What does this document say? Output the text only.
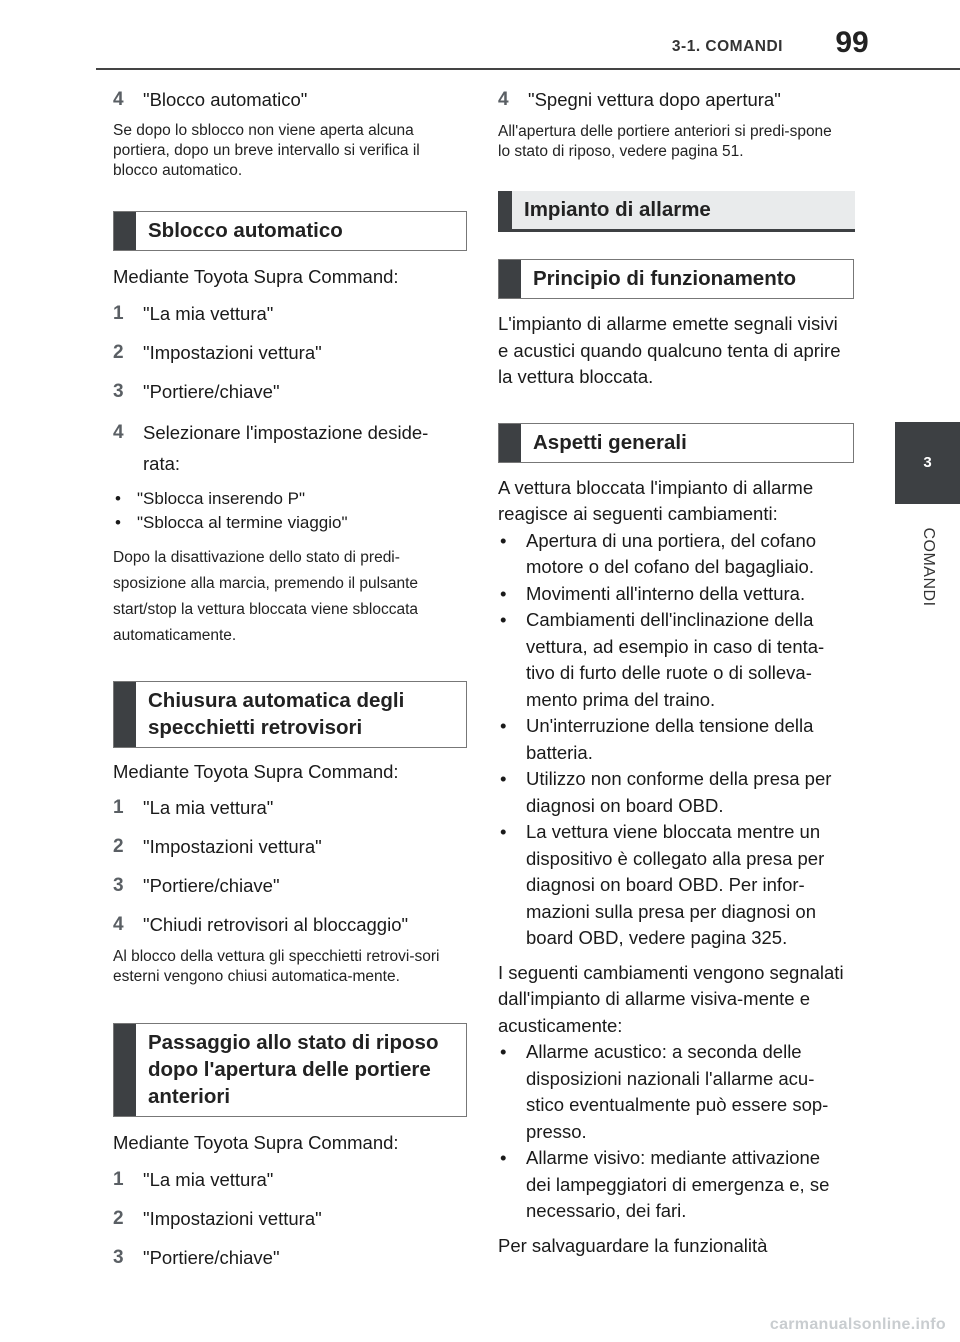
3-1. COMANDI	99
3
COMANDI
4	"Blocco automatico"
Se dopo lo sblocco non viene aperta alcuna portiera, dopo un breve intervallo si verifica il blocco automatico.
Sblocco automatico
Mediante Toyota Supra Command:
1	"La mia vettura"
2	"Impostazioni vettura"
3	"Portiere/chiave"
4	Selezionare l'impostazione deside-rata:
• "Sblocca inserendo P"
• "Sblocca al termine viaggio"
Dopo la disattivazione dello stato di predi-sposizione alla marcia, premendo il pulsante start/stop la vettura bloccata viene sbloccata automaticamente.
Chiusura automatica degli specchietti retrovisori
Mediante Toyota Supra Command:
1	"La mia vettura"
2	"Impostazioni vettura"
3	"Portiere/chiave"
4	"Chiudi retrovisori al bloccaggio"
Al blocco della vettura gli specchietti retrovi-sori esterni vengono chiusi automatica-mente.
Passaggio allo stato di riposo dopo l'apertura delle portiere anteriori
Mediante Toyota Supra Command:
1	"La mia vettura"
2	"Impostazioni vettura"
3	"Portiere/chiave"
4	"Spegni vettura dopo apertura"
All'apertura delle portiere anteriori si predi-spone lo stato di riposo, vedere pagina 51.
Impianto di allarme
Principio di funzionamento
L'impianto di allarme emette segnali visivi e acustici quando qualcuno tenta di aprire la vettura bloccata.
Aspetti generali
A vettura bloccata l'impianto di allarme reagisce ai seguenti cambiamenti:
•	Apertura di una portiera, del cofano motore o del cofano del bagagliaio.
•	Movimenti all'interno della vettura.
•	Cambiamenti dell'inclinazione della vettura, ad esempio in caso di tenta-tivo di furto delle ruote o di solleva-mento prima del traino.
•	Un'interruzione della tensione della batteria.
•	Utilizzo non conforme della presa per diagnosi on board OBD.
•	La vettura viene bloccata mentre un dispositivo è collegato alla presa per diagnosi on board OBD. Per infor-mazioni sulla presa per diagnosi on board OBD, vedere pagina 325.
I seguenti cambiamenti vengono segnalati dall'impianto di allarme visiva-mente e acusticamente:
•	Allarme acustico: a seconda delle disposizioni nazionali l'allarme acu-stico eventualmente può essere sop-presso.
•	Allarme visivo: mediante attivazione dei lampeggiatori di emergenza e, se necessario, dei fari.
Per salvaguardare la funzionalità
carmanualsonline.info
